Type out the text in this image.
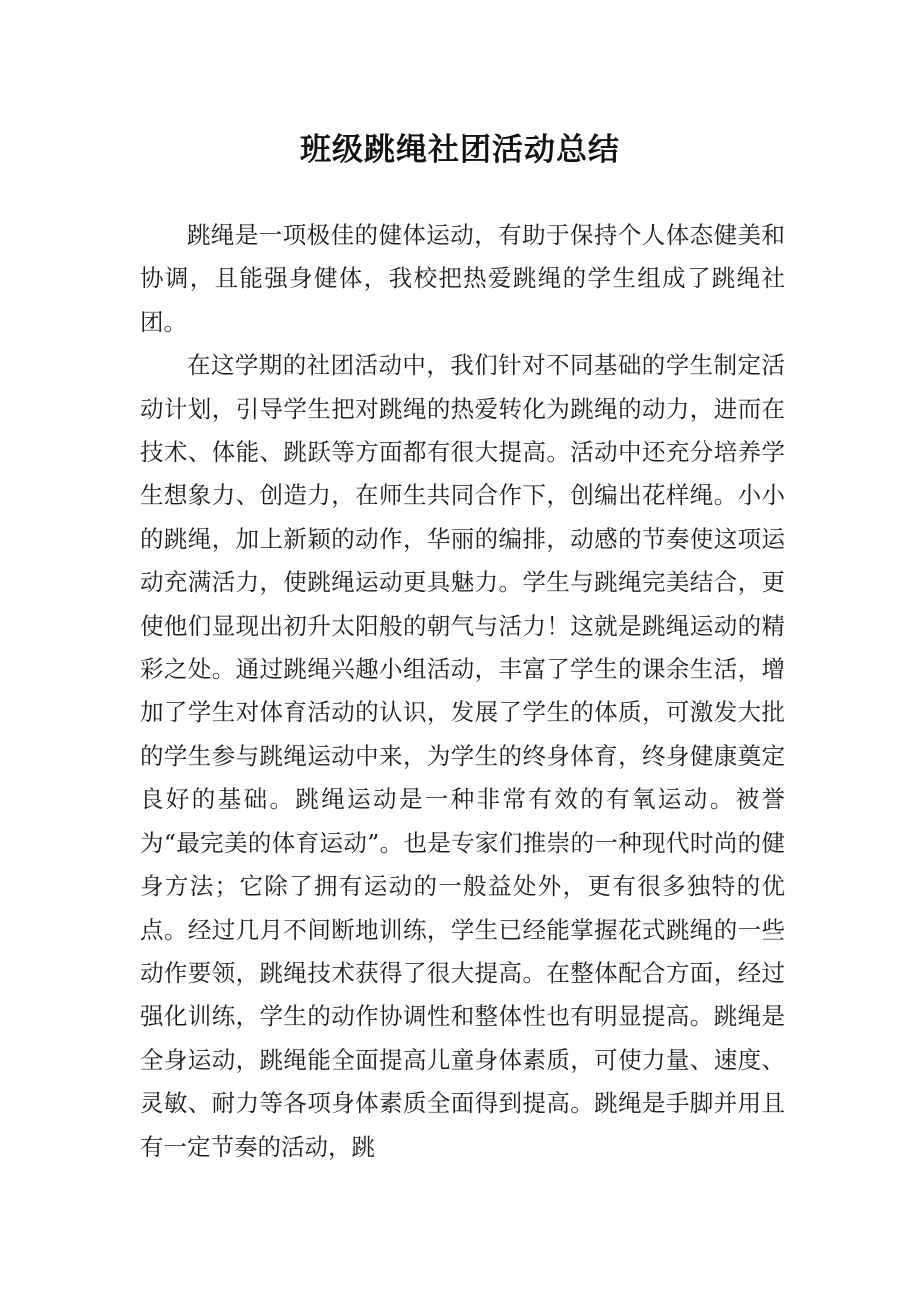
班级跳绳社团活动总结

跳绳是一项极佳的健体运动，有助于保持个人体态健美和协调，且能强身健体，我校把热爱跳绳的学生组成了跳绳社团。

在这学期的社团活动中，我们针对不同基础的学生制定活动计划，引导学生把对跳绳的热爱转化为跳绳的动力，进而在技术、体能、跳跃等方面都有很大提高。活动中还充分培养学生想象力、创造力，在师生共同合作下，创编出花样绳。小小的跳绳，加上新颖的动作，华丽的编排，动感的节奏使这项运动充满活力，使跳绳运动更具魅力。学生与跳绳完美结合，更使他们显现出初升太阳般的朝气与活力！这就是跳绳运动的精彩之处。通过跳绳兴趣小组活动，丰富了学生的课余生活，增加了学生对体育活动的认识，发展了学生的体质，可激发大批的学生参与跳绳运动中来，为学生的终身体育，终身健康奠定良好的基础。跳绳运动是一种非常有效的有氧运动。被誉为“最完美的体育运动”。也是专家们推崇的一种现代时尚的健身方法；它除了拥有运动的一般益处外，更有很多独特的优点。经过几月不间断地训练，学生已经能掌握花式跳绳的一些动作要领，跳绳技术获得了很大提高。在整体配合方面，经过强化训练，学生的动作协调性和整体性也有明显提高。跳绳是全身运动，跳绳能全面提高儿童身体素质，可使力量、速度、灵敏、耐力等各项身体素质全面得到提高。跳绳是手脚并用且有一定节奏的活动，跳
